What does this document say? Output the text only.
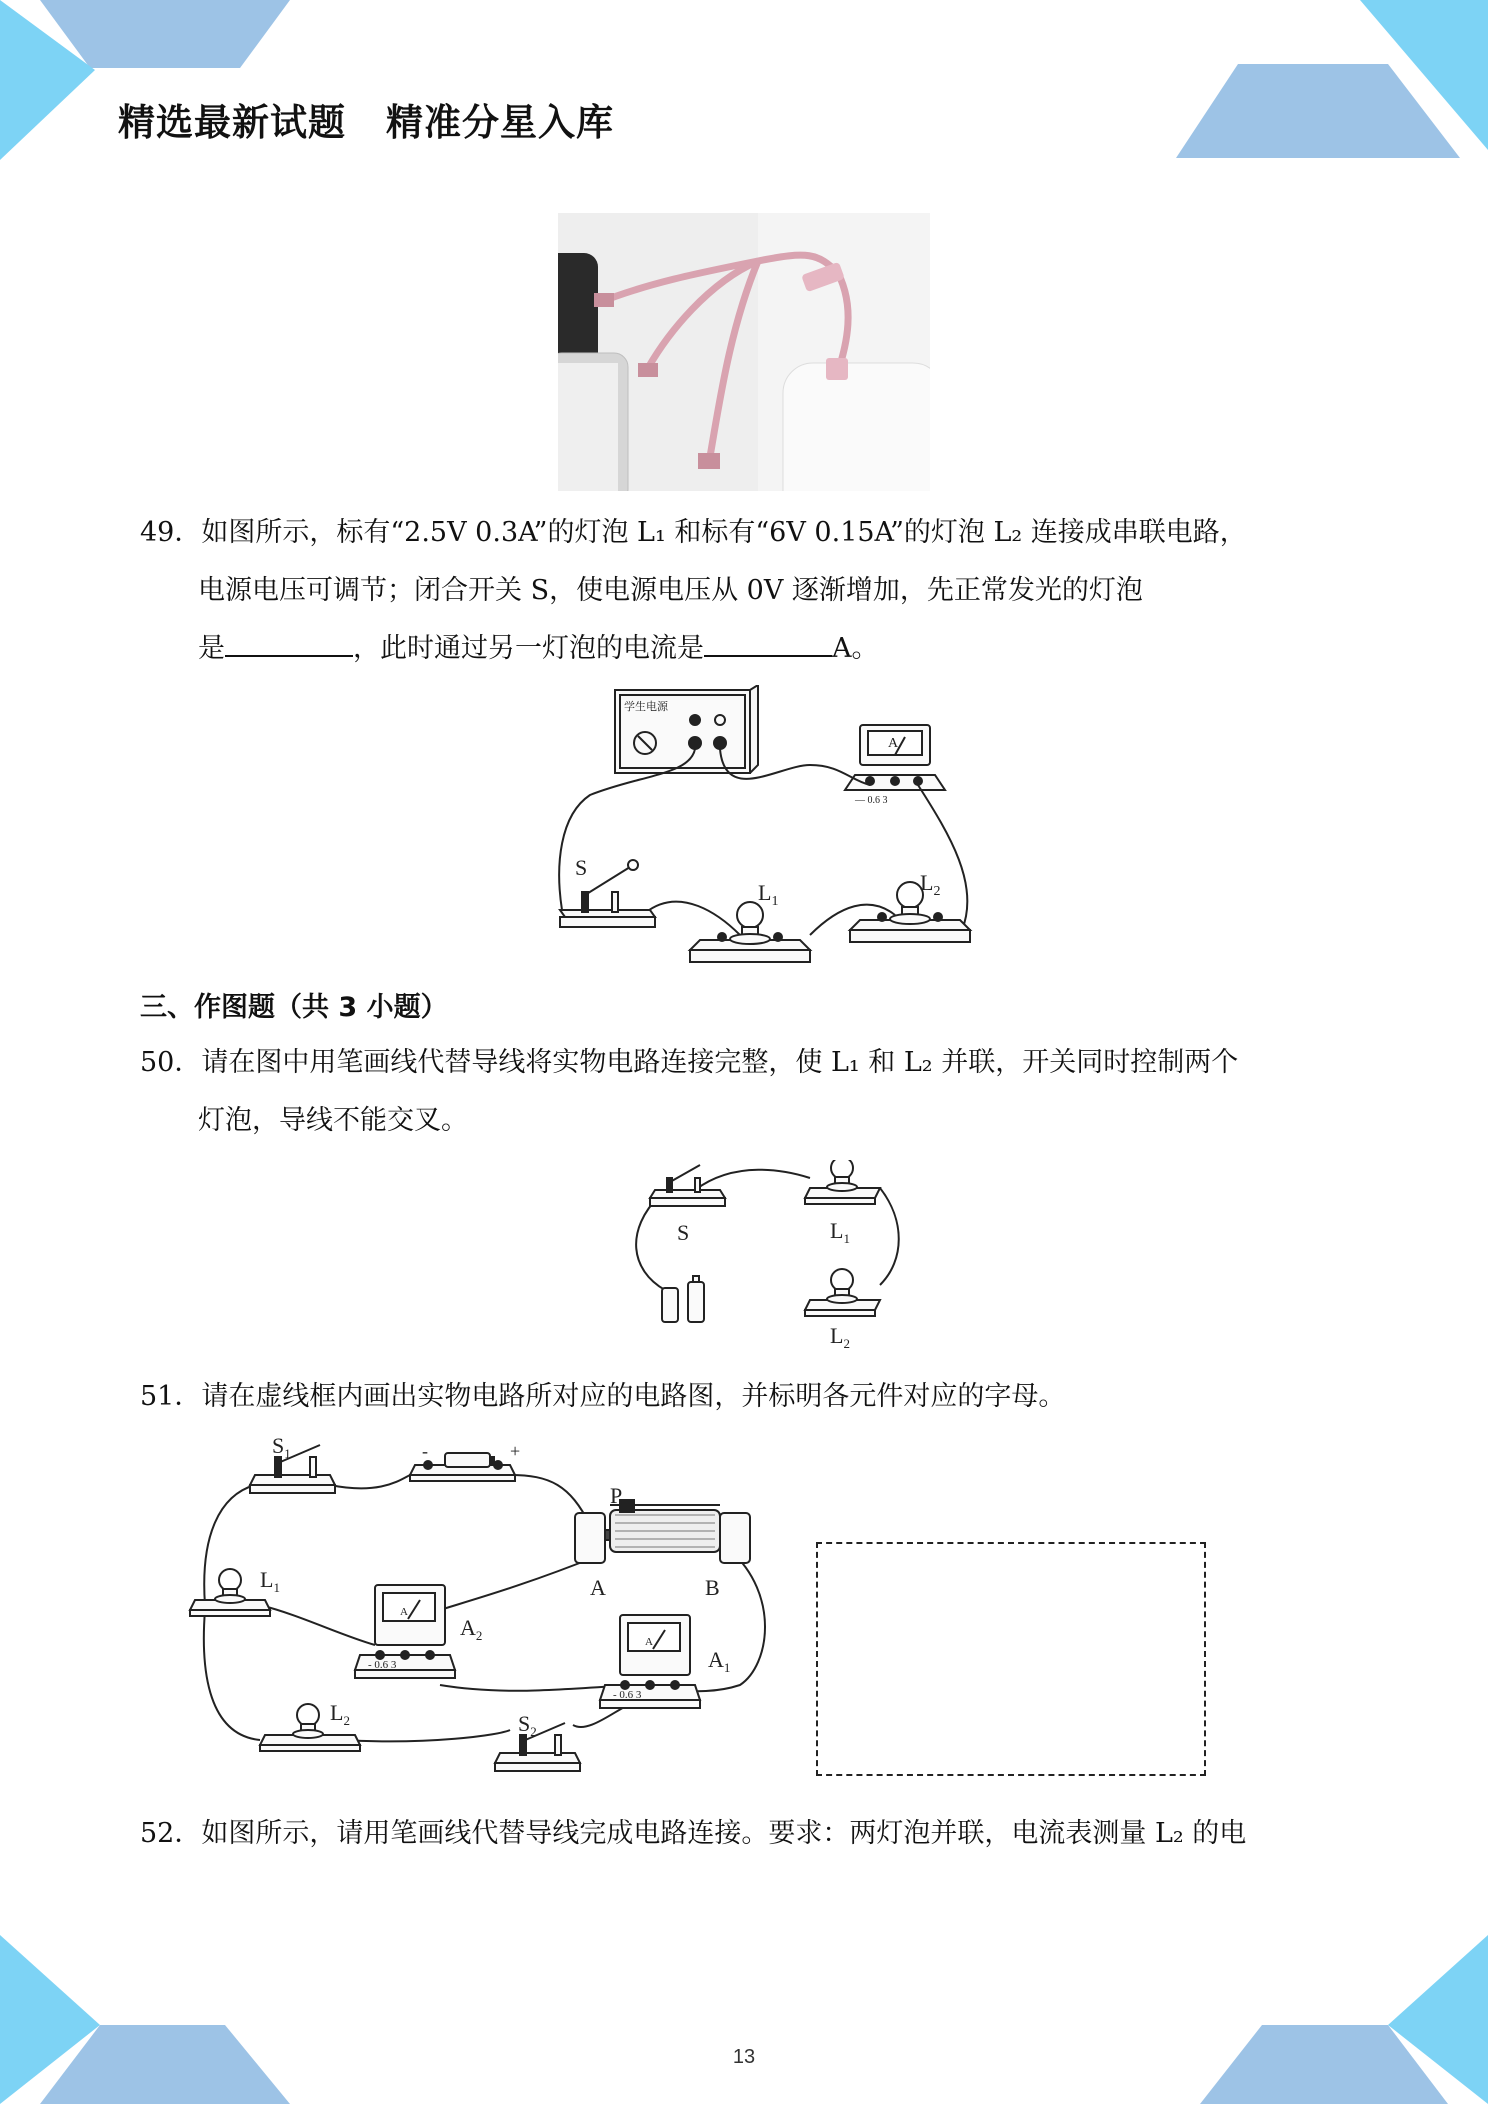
精选最新试题 精准分星入库
49．如图所示，标有“2.5V 0.3A”的灯泡 L₁ 和标有“6V 0.15A”的灯泡 L₂ 连接成串联电路，
电源电压可调节；闭合开关 S，使电源电压从 0V 逐渐增加，先正常发光的灯泡
是	，此时通过另一灯泡的电流是	A。
学生电源
A
— 0.6 3
S
$L_1$
$L_2$
三、作图题（共 3 小题）
50．请在图中用笔画线代替导线将实物电路连接完整，使 L₁ 和 L₂ 并联，开关同时控制两个
灯泡，导线不能交叉。
S	$L_1$
$L_2$
51．请在虚线框内画出实物电路所对应的电路图，并标明各元件对应的字母。
$S_1$	-	+
P
A	B
$L_1$
A
- 0.6 3
$A_2$	A
- 0.6 3
$A_1$
$L_2$	$S_2$
52．如图所示，请用笔画线代替导线完成电路连接。要求：两灯泡并联，电流表测量 L₂ 的电
13
